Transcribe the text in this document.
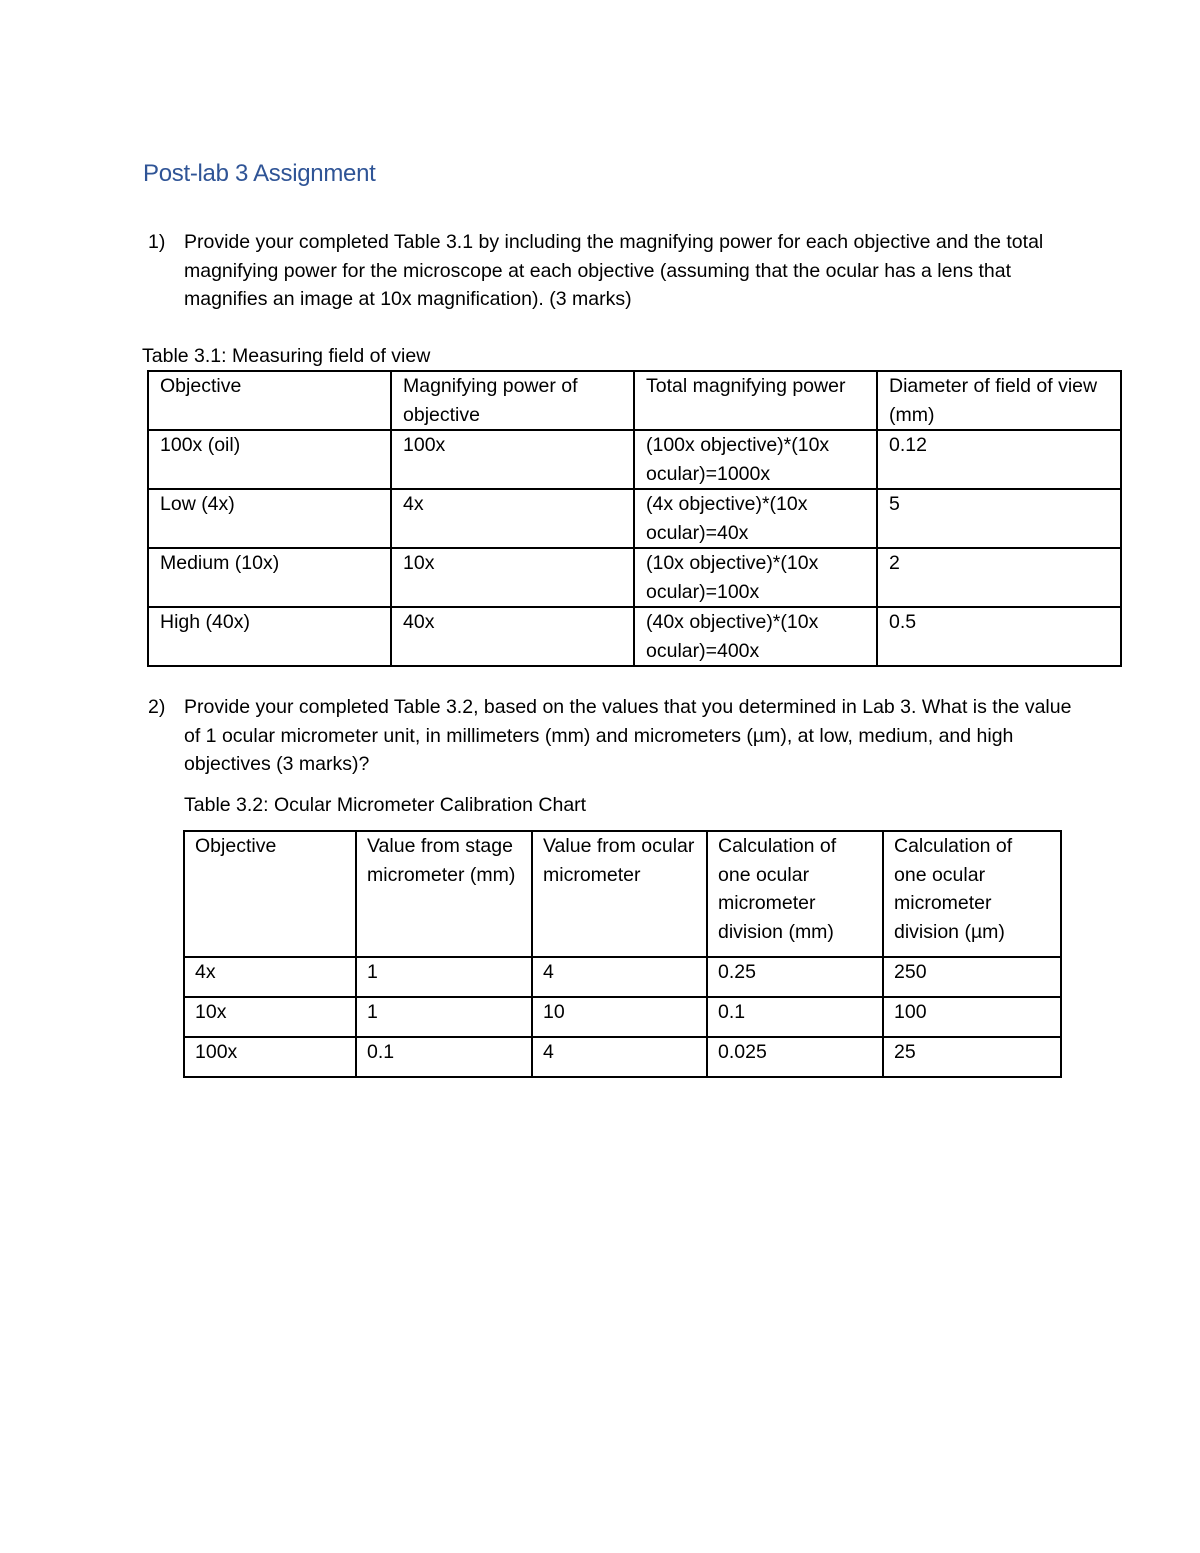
Post-lab 3 Assignment
1) Provide your completed Table 3.1 by including the magnifying power for each objective and the total magnifying power for the microscope at each objective (assuming that the ocular has a lens that magnifies an image at 10x magnification). (3 marks)
Table 3.1: Measuring field of view
Objective	Magnifying power of objective	Total magnifying power	Diameter of field of view (mm)
100x (oil)	100x	(100x objective)*(10x ocular)=1000x	0.12
Low (4x)	4x	(4x objective)*(10x ocular)=40x	5
Medium (10x)	10x	(10x objective)*(10x ocular)=100x	2
High (40x)	40x	(40x objective)*(10x ocular)=400x	0.5
2) Provide your completed Table 3.2, based on the values that you determined in Lab 3. What is the value of 1 ocular micrometer unit, in millimeters (mm) and micrometers (µm), at low, medium, and high objectives (3 marks)?
Table 3.2: Ocular Micrometer Calibration Chart
Objective	Value from stage micrometer (mm)	Value from ocular micrometer	Calculation of one ocular micrometer division (mm)	Calculation of one ocular micrometer division (µm)
4x	1	4	0.25	250
10x	1	10	0.1	100
100x	0.1	4	0.025	25
